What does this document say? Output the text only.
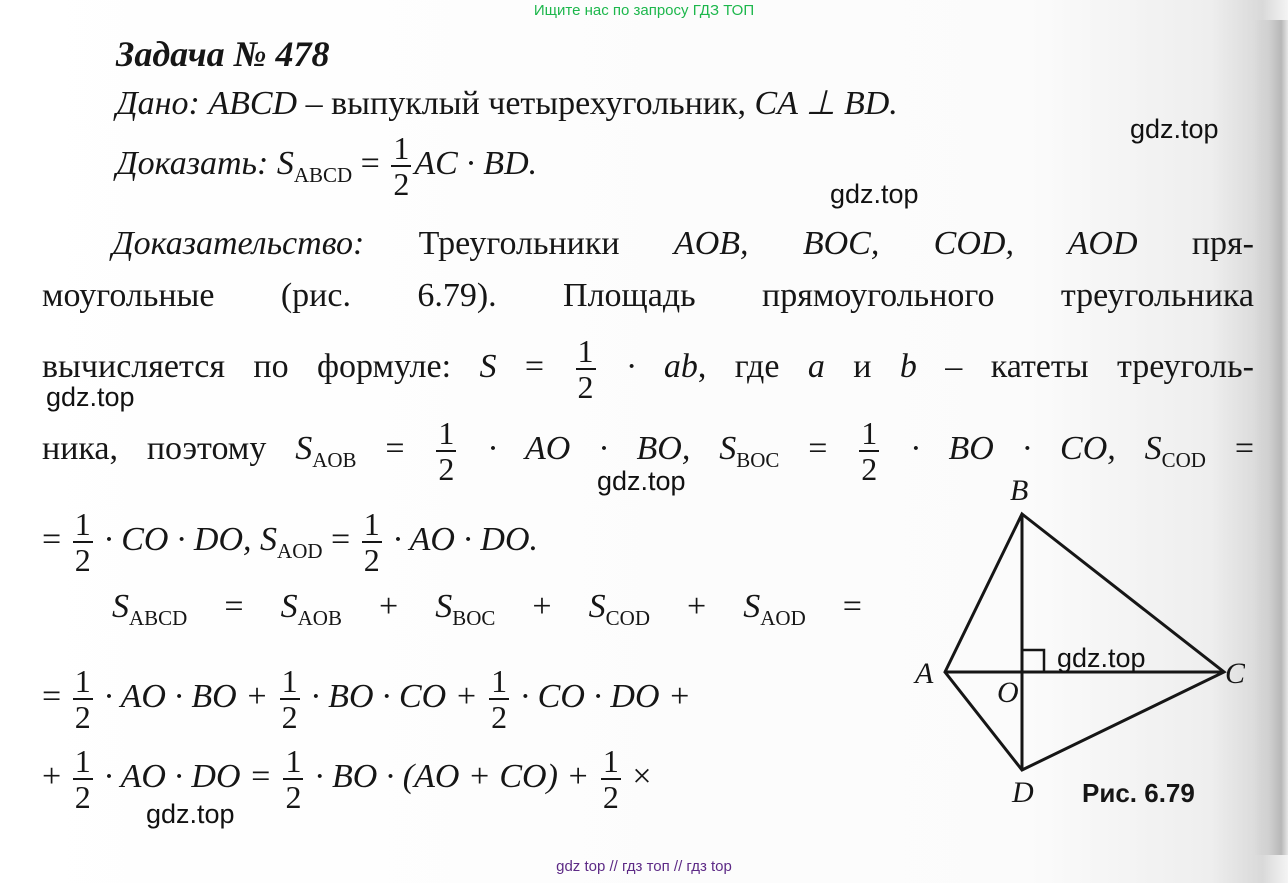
Ищите нас по запросу ГДЗ ТОП
Задача № 478
Дано: ABCD – выпуклый четырехугольник, CA ⊥ BD.
Доказать: $S_{ABCD} = \frac{1}{2}$ AC · BD.
Доказательство: Треугольники AOB, BOC, COD, AOD пря-
моугольные (рис. 6.79). Площадь прямоугольного треугольника
вычисляется по формуле: $S = \frac{1}{2}$ · ab, где a и b – катеты треуголь-
ника, поэтому $S_{AOB} = \frac{1}{2}$ · AO · BO, $S_{BOC} = \frac{1}{2}$ · BO · CO, $S_{COD}$ =
= $\frac{1}{2}$ · CO · DO, $S_{AOD} = \frac{1}{2}$ · AO · DO.
$S_{ABCD} = S_{AOB} + S_{BOC} + S_{COD} + S_{AOD}$ =
= $\frac{1}{2}$ · AO · BO + $\frac{1}{2}$ · BO · CO + $\frac{1}{2}$ · CO · DO +
+ $\frac{1}{2}$ · AO · DO = $\frac{1}{2}$ · BO · $(AO + CO) + \frac{1}{2}$ ×
B
C
A
O
D Рис. 6.79
gdz.top
gdz.top
gdz.top
gdz.top
gdz.top
gdz.top
gdz top // гдз топ // гдз top
